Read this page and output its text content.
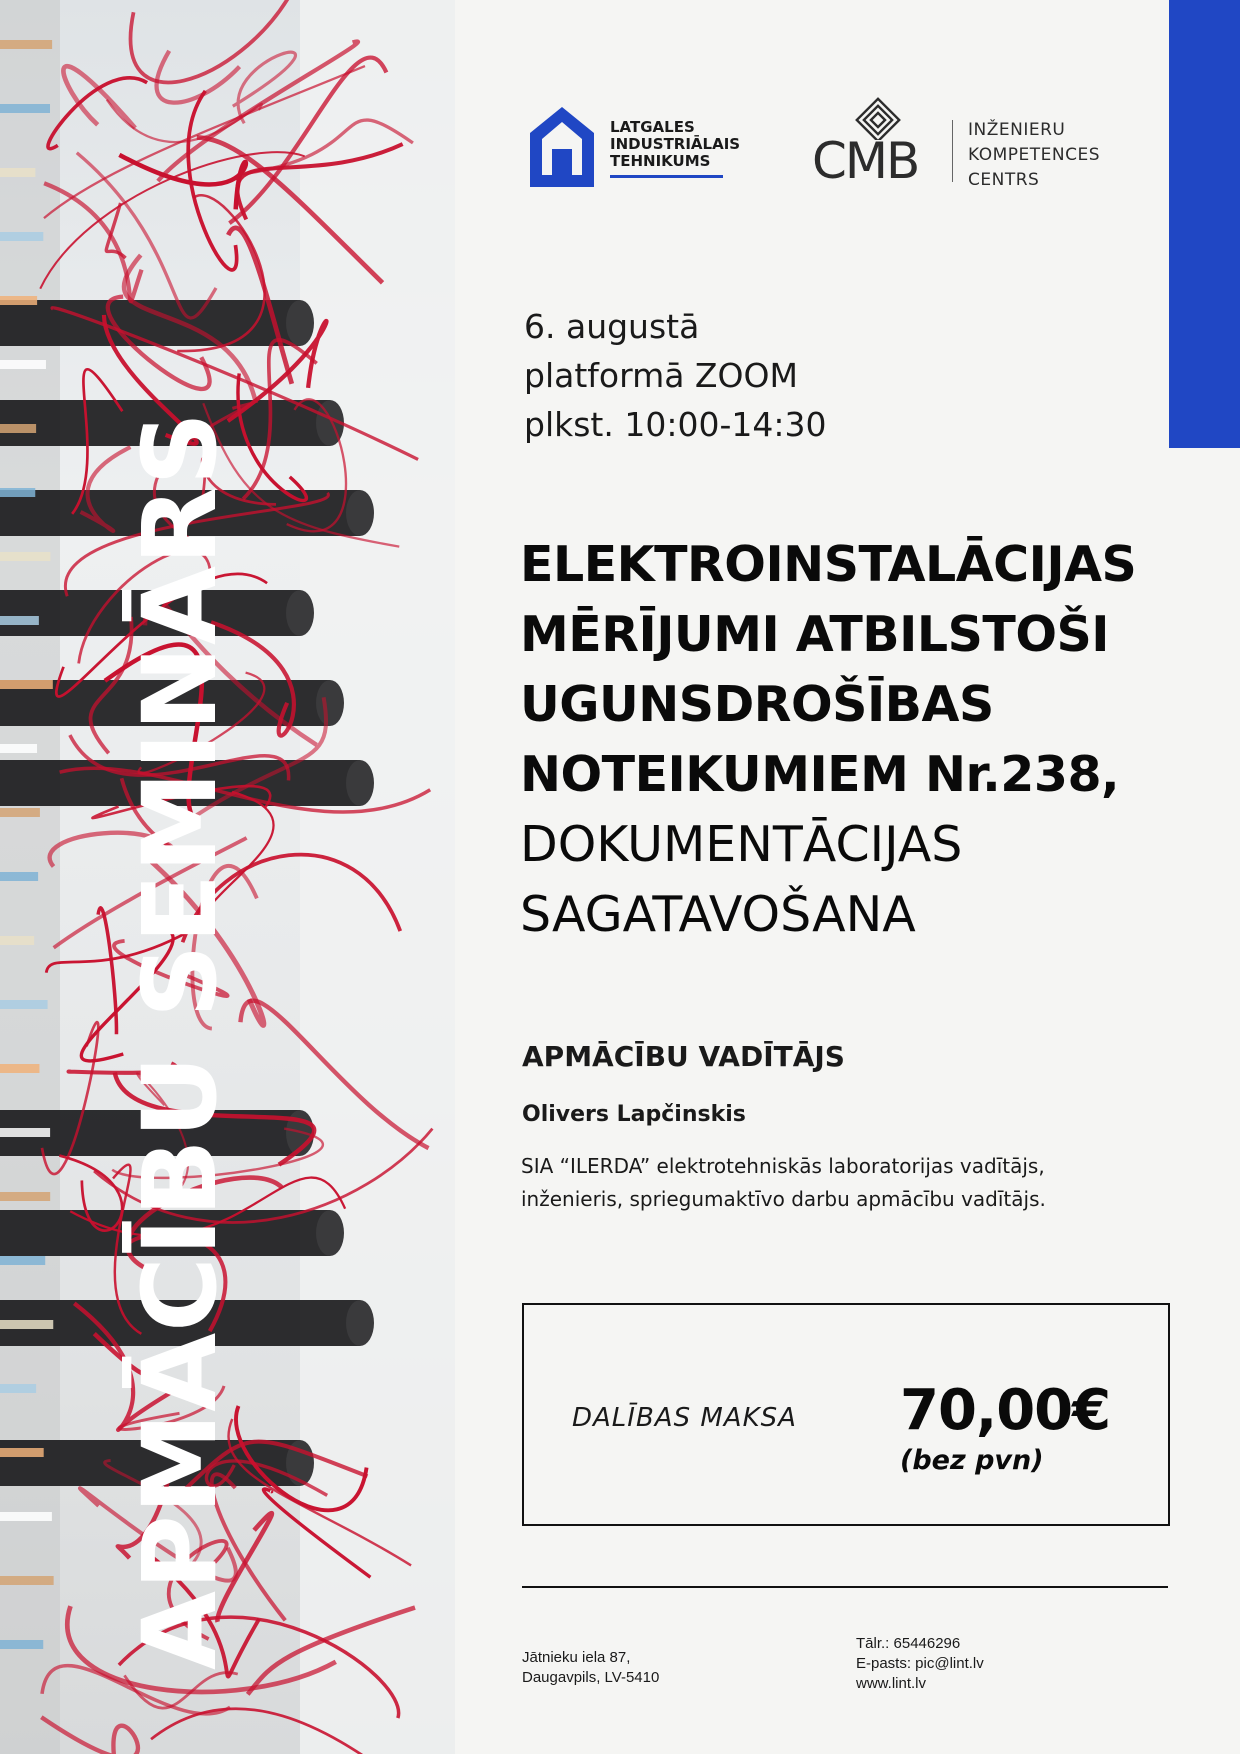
APMĀCĪBU SEMINĀRS
LATGALES
INDUSTRIĀLAIS
TEHNIKUMS	CMB
INŽENIERU
KOMPETENCES
CENTRS
6. augustā
platformā ZOOM
plkst. 10:00-14:30
ELEKTROINSTALĀCIJAS
MĒRĪJUMI ATBILSTOŠI
UGUNSDROŠĪBAS
NOTEIKUMIEM Nr.238,
DOKUMENTĀCIJAS
SAGATAVOŠANA
APMĀCĪBU VADĪTĀJS
Olivers Lapčinskis
SIA “ILERDA” elektrotehniskās laboratorijas vadītājs,
inženieris, spriegumaktīvo darbu apmācību vadītājs.
DALĪBAS MAKSA 70,00€
(bez pvn)
Jātnieku iela 87,
Daugavpils, LV-5410
Tālr.: 65446296
E-pasts: pic@lint.lv
www.lint.lv
